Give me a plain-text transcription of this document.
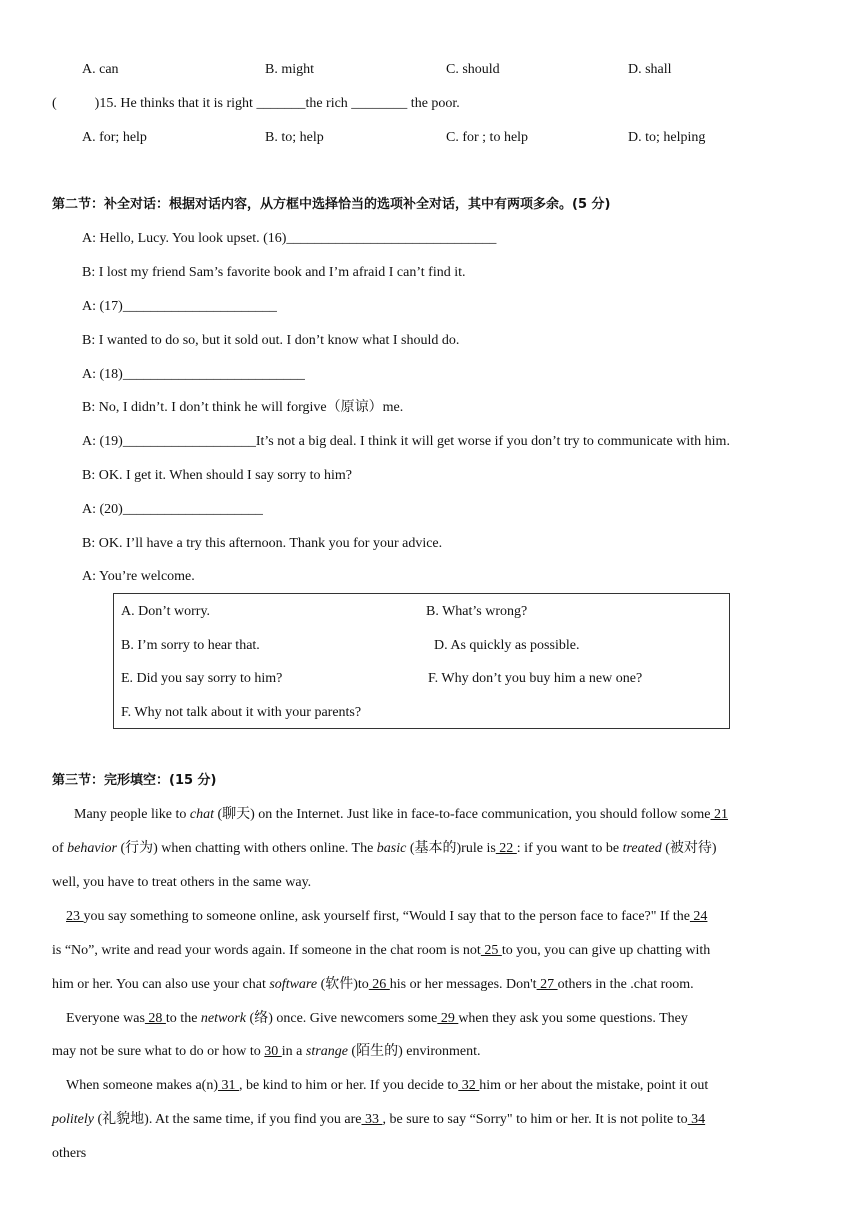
A. can	B. might	C. should	D. shall
(	)15. He thinks that it is right _______the rich ________ the poor.
A. for; help	B. to; help	C. for ; to help	D. to; helping
第二节：补全对话：根据对话内容，从方框中选择恰当的选项补全对话，其中有两项多余。(5 分)
A: Hello, Lucy. You look upset. (16)______________________________
B: I lost my friend Sam’s favorite book and I’m afraid I can’t find it.
A: (17)______________________
B: I wanted to do so, but it sold out. I don’t know what I should do.
A: (18)__________________________
B: No, I didn’t. I don’t think he will forgive（原谅）me.
A: (19)___________________It’s not a big deal. I think it will get worse if you don’t try to communicate with him.
B: OK. I get it. When should I say sorry to him?
A: (20)____________________
B: OK. I’ll have a try this afternoon. Thank you for your advice.
A: You’re welcome.
A. Don’t worry.	B. What’s wrong?
B. I’m sorry to hear that.	D. As quickly as possible.
E. Did you say sorry to him?	F. Why don’t you buy him a new one?
F. Why not talk about it with your parents?
第三节：完形填空：(15 分)
Many people like to chat (聊天) on the Internet. Just like in face-to-face communication, you should follow some 21
of behavior (行为) when chatting with others online. The basic (基本的)rule is 22 : if you want to be treated (被对待)
well, you have to treat others in the same way.
23 you say something to someone online, ask yourself first, “Would I say that to the person face to face?" If the 24
is “No”, write and read your words again. If someone in the chat room is not 25 to you, you can give up chatting with
him or her. You can also use your chat software (软件)to 26 his or her messages. Don't 27 others in the .chat room.
Everyone was 28 to the network (络) once. Give newcomers some 29 when they ask you some questions. They
may not be sure what to do or how to 30 in a strange (陌生的) environment.
When someone makes a(n) 31 , be kind to him or her. If you decide to 32 him or her about the mistake, point it out
politely (礼貌地). At the same time, if you find you are 33 , be sure to say “Sorry" to him or her. It is not polite to 34
others
